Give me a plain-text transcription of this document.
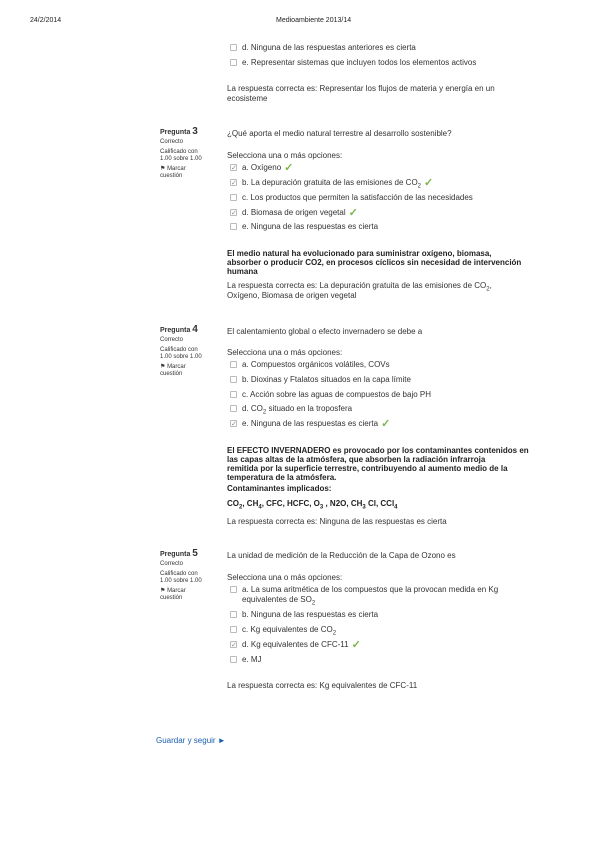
24/2/2014	Medioambiente 2013/14
d. Ninguna de las respuestas anteriores es cierta
e. Representar sistemas que incluyen todos los elementos activos
La respuesta correcta es: Representar los flujos de materia y energía en un
ecosisteme
Pregunta 3
Correcto
Calificado con
1.00 sobre 1.00
⚑ Marcar
cuestión
¿Qué aporta el medio natural terrestre al desarrollo sostenible?
Selecciona una o más opciones:
✓ a. Oxígeno ✓
✓ b. La depuración gratuita de las emisiones de $CO_2$ ✓
c. Los productos que permiten la satisfacción de las necesidades
✓ d. Biomasa de origen vegetal ✓
e. Ninguna de las respuestas es cierta
El medio natural ha evolucionado para suministrar oxígeno, biomasa,
absorber o producir CO2, en procesos cíclicos sin necesidad de intervención
humana
La respuesta correcta es: La depuración gratuita de las emisiones de $CO_2$,
Oxígeno, Biomasa de origen vegetal
Pregunta 4
Correcto
Calificado con
1.00 sobre 1.00
⚑ Marcar
cuestión
El calentamiento global o efecto invernadero se debe a
Selecciona una o más opciones:
a. Compuestos orgánicos volátiles, COVs
b. Dioxinas y Ftalatos situados en la capa límite
c. Acción sobre las aguas de compuestos de bajo PH
d. $CO_2$ situado en la troposfera
✓ e. Ninguna de las respuestas es cierta ✓
El EFECTO INVERNADERO es provocado por los contaminantes contenidos en
las capas altas de la atmósfera, que absorben la radiación infrarroja
remitida por la superficie terrestre, contribuyendo al aumento medio de la
temperatura de la atmósfera.
Contaminantes implicados:
$CO_2$, $CH_4$, CFC, HCFC, $O_3$ , N2O, $CH_3$ Cl, CCl$_4$
La respuesta correcta es: Ninguna de las respuestas es cierta
Pregunta 5
Correcto
Calificado con
1.00 sobre 1.00
⚑ Marcar
cuestión
La unidad de medición de la Reducción de la Capa de Ozono es
Selecciona una o más opciones:
a. La suma aritmética de los compuestos que la provocan medida en Kg
equivalentes de $SO_2$
b. Ninguna de las respuestas es cierta
c. Kg equivalentes de $CO_2$
✓ d. Kg equivalentes de CFC-11 ✓
e. MJ
La respuesta correcta es: Kg equivalentes de CFC-11
Guardar y seguir ►
